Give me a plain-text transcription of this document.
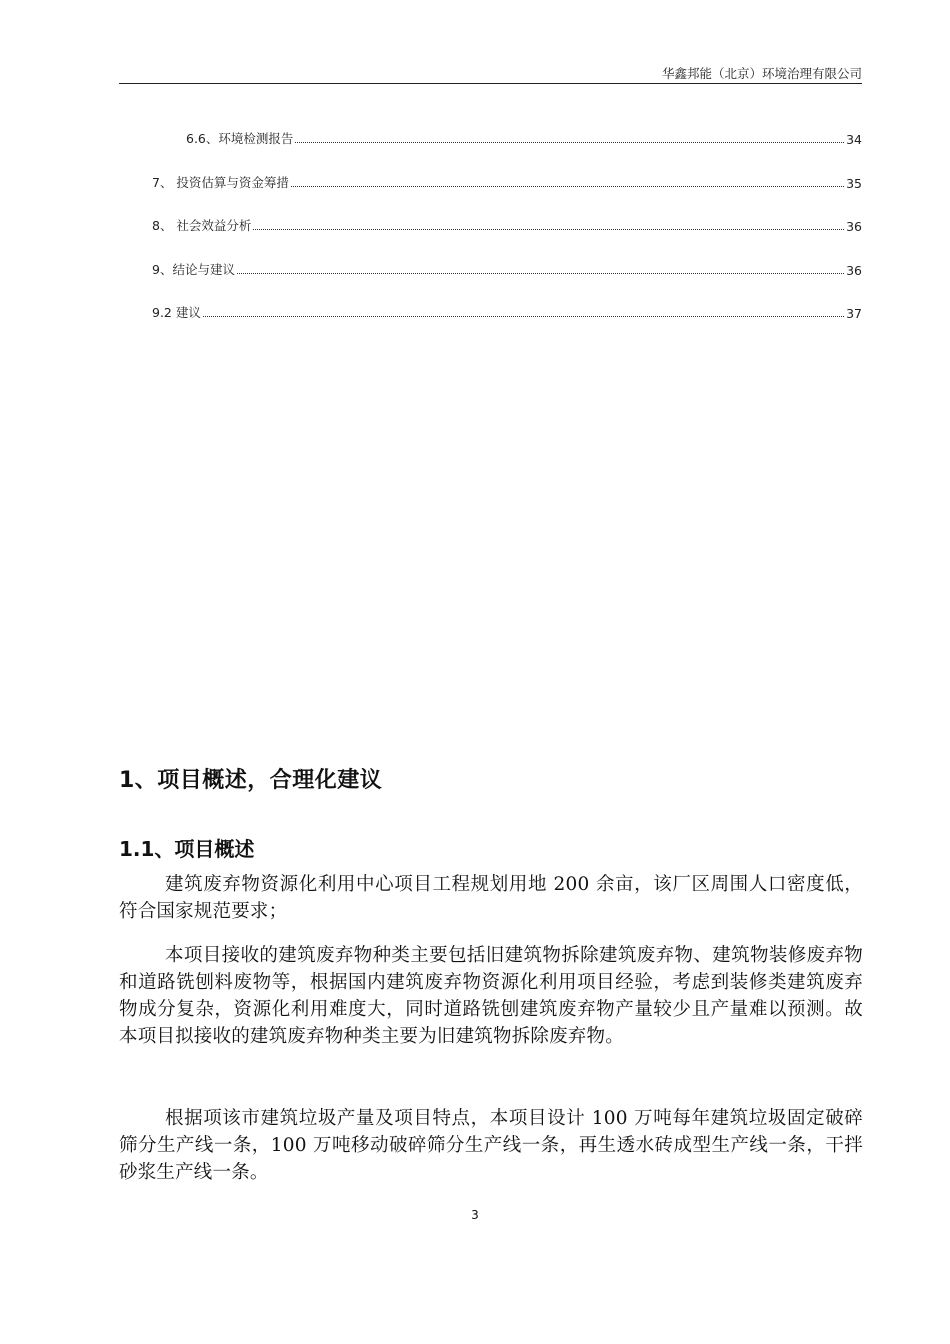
华鑫邦能（北京）环境治理有限公司
6.6、环境检测报告	34
7、 投资估算与资金筹措	35
8、 社会效益分析	36
9、结论与建议	36
9.2 建议	37
1、项目概述，合理化建议
1.1、项目概述

建筑废弃物资源化利用中心项目工程规划用地 200 余亩，该厂区周围人口密度低，符合国家规范要求；

本项目接收的建筑废弃物种类主要包括旧建筑物拆除建筑废弃物、建筑物装修废弃物和道路铣刨料废物等，根据国内建筑废弃物资源化利用项目经验，考虑到装修类建筑废弃物成分复杂，资源化利用难度大，同时道路铣刨建筑废弃物产量较少且产量难以预测。故本项目拟接收的建筑废弃物种类主要为旧建筑物拆除废弃物。

根据项该市建筑垃圾产量及项目特点，本项目设计 100 万吨每年建筑垃圾固定破碎筛分生产线一条，100 万吨移动破碎筛分生产线一条，再生透水砖成型生产线一条，干拌砂浆生产线一条。

3
